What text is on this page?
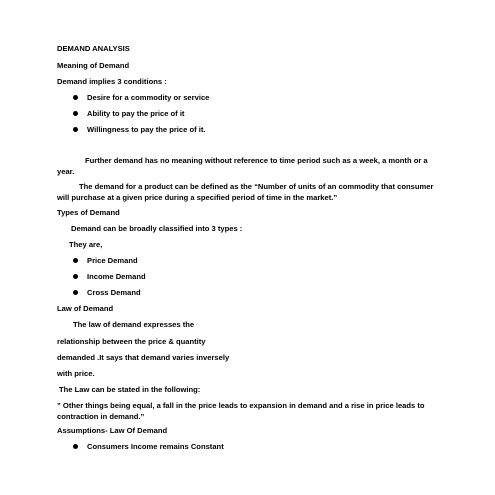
DEMAND ANALYSIS
Meaning of Demand
Demand implies 3 conditions :
Desire for a commodity or service
Ability to pay the price of it
Willingness to pay the price of it.
Further demand has no meaning without reference to time period such as a week, a month or a year.
The demand for a product can be defined as the “Number of units of an commodity that consumer will purchase at a given price during a specified period of time in the market.”
Types of Demand
Demand can be broadly classified into 3 types :
They are,
Price Demand
Income Demand
Cross Demand
Law of Demand
The law of demand expresses the
relationship between the price & quantity
demanded .It says that demand varies inversely
with price.
The Law can be stated in the following:
” Other things being equal, a fall in the price leads to expansion in demand and a rise in price leads to contraction in demand.”
Assumptions- Law Of Demand
Consumers Income remains Constant
